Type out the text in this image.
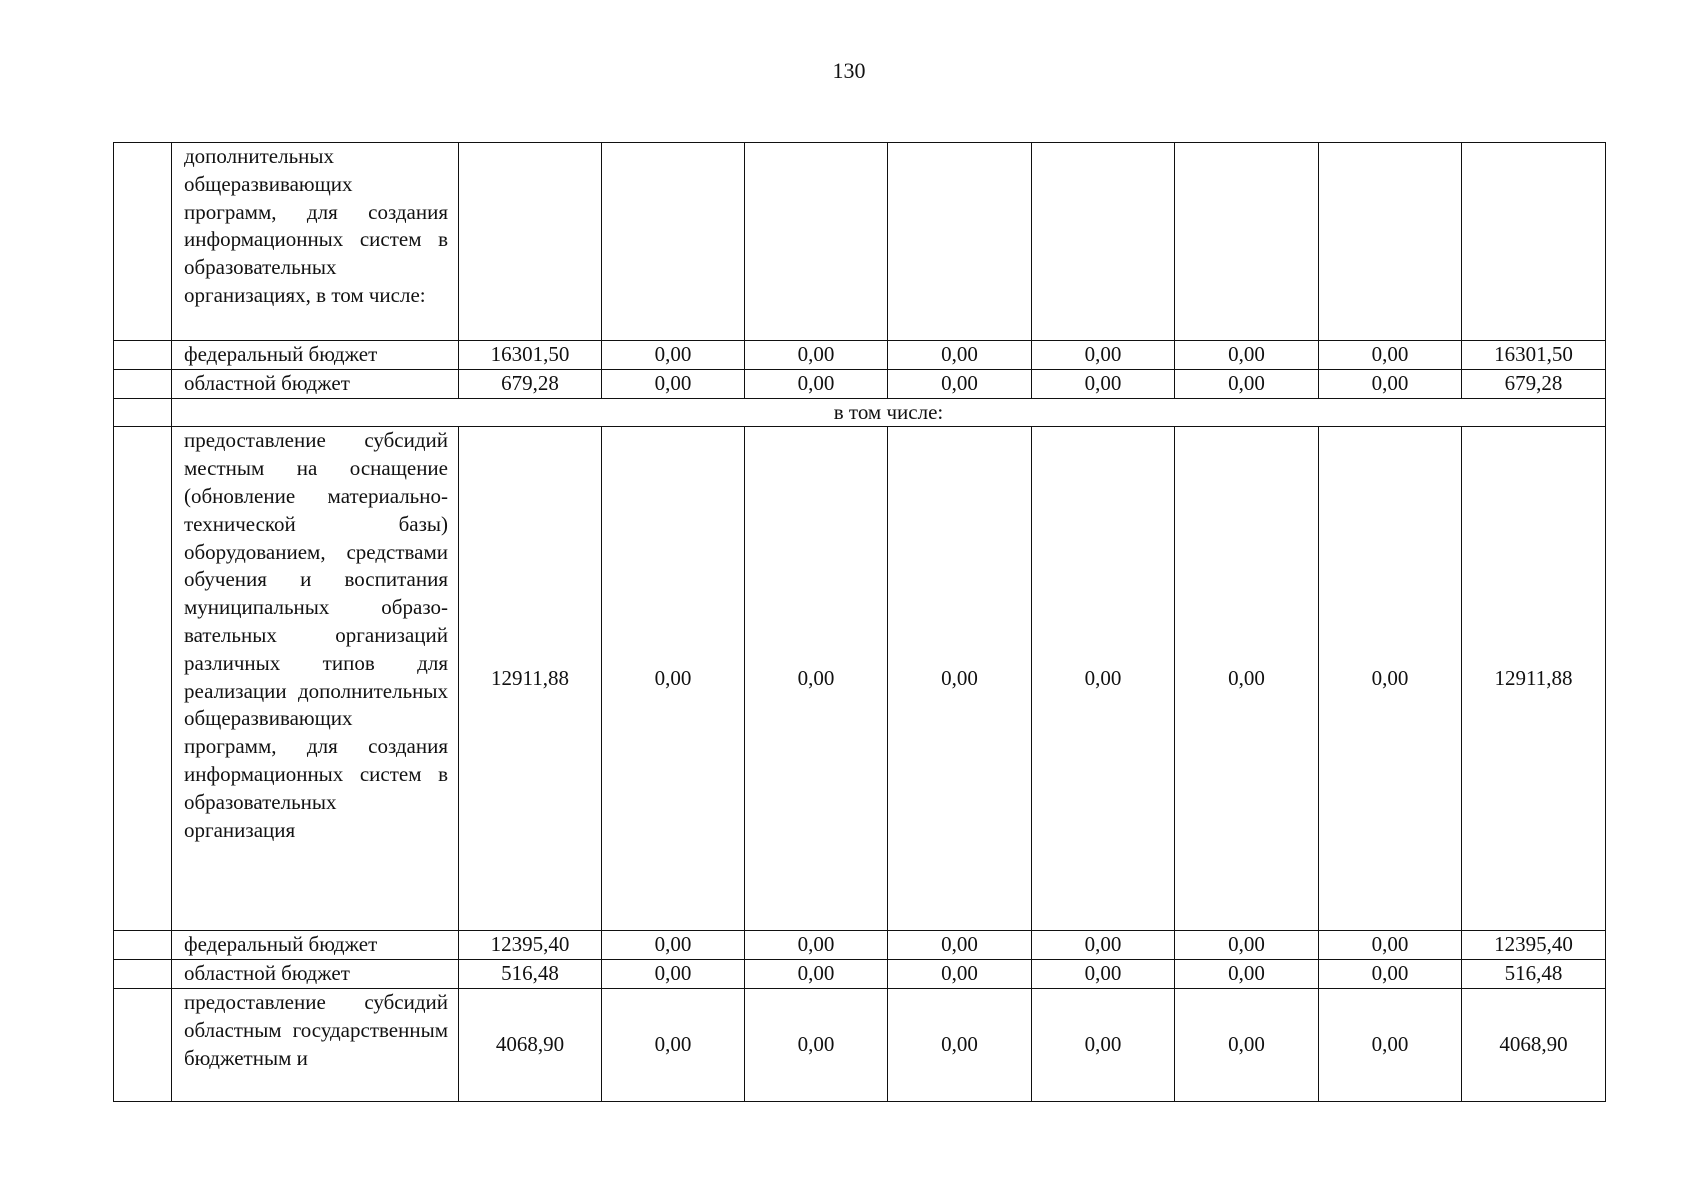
130
	дополнительных общеразвивающих программ, для создания информационных систем в образовательных организациях, в том числе:								
	федеральный бюджет	16301,50	0,00	0,00	0,00	0,00	0,00	0,00	16301,50
	областной бюджет	679,28	0,00	0,00	0,00	0,00	0,00	0,00	679,28
	в том числе:								
	предоставление субсидий местным на оснащение (обновление материально-технической базы) оборудованием, средствами обучения и воспитания муниципальных образовательных организаций различных типов для реализации дополнительных общеразвивающих программ, для создания информационных систем в образовательных организация	12911,88	0,00	0,00	0,00	0,00	0,00	0,00	12911,88
	федеральный бюджет	12395,40	0,00	0,00	0,00	0,00	0,00	0,00	12395,40
	областной бюджет	516,48	0,00	0,00	0,00	0,00	0,00	0,00	516,48
	предоставление субсидий областным государственным бюджетным и	4068,90	0,00	0,00	0,00	0,00	0,00	0,00	4068,90
